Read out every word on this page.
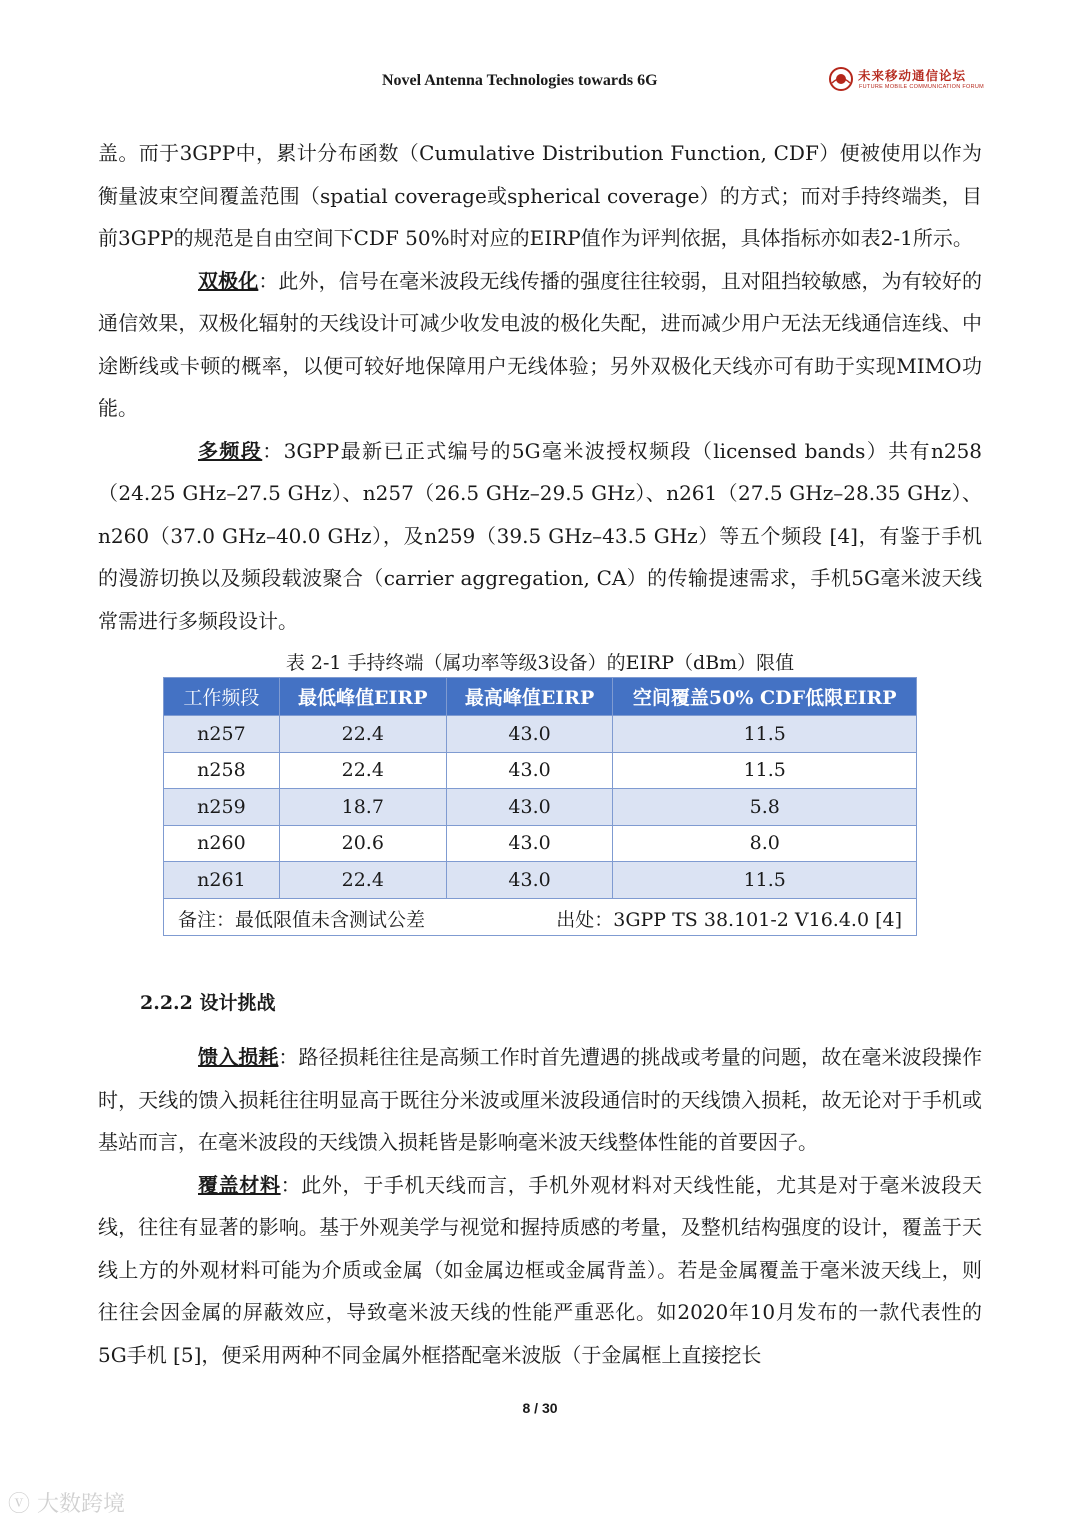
Novel Antenna Technologies towards 6G	未来移动通信论坛
FUTURE MOBILE COMMUNICATION FORUM

盖。而于3GPP中，累计分布函数（Cumulative Distribution Function, CDF）便被使用以作为衡量波束空间覆盖范围（spatial coverage或spherical coverage）的方式；而对手持终端类，目前3GPP的规范是自由空间下CDF 50%时对应的EIRP值作为评判依据，具体指标亦如表2-1所示。

双极化：此外，信号在毫米波段无线传播的强度往往较弱，且对阻挡较敏感，为有较好的通信效果，双极化辐射的天线设计可减少收发电波的极化失配，进而减少用户无法无线通信连线、中途断线或卡顿的概率，以便可较好地保障用户无线体验；另外双极化天线亦可有助于实现MIMO功能。

多频段：3GPP最新已正式编号的5G毫米波授权频段（licensed bands）共有n258（24.25 GHz–27.5 GHz）、n257（26.5 GHz–29.5 GHz）、n261（27.5 GHz–28.35 GHz）、n260（37.0 GHz–40.0 GHz），及n259（39.5 GHz–43.5 GHz）等五个频段 [4]，有鉴于手机的漫游切换以及频段载波聚合（carrier aggregation, CA）的传输提速需求，手机5G毫米波天线常需进行多频段设计。

表 2-1 手持终端（属功率等级3设备）的EIRP（dBm）限值
工作频段	最低峰值EIRP	最高峰值EIRP	空间覆盖50% CDF低限EIRP
n257	22.4	43.0	11.5
n258	22.4	43.0	11.5
n259	18.7	43.0	5.8
n260	20.6	43.0	8.0
n261	22.4	43.0	11.5

备注：最低限值未含测试公差 出处：3GPP TS 38.101-2 V16.4.0 [4]			
2.2.2 设计挑战

馈入损耗：路径损耗往往是高频工作时首先遭遇的挑战或考量的问题，故在毫米波段操作时，天线的馈入损耗往往明显高于既往分米波或厘米波段通信时的天线馈入损耗，故无论对于手机或基站而言，在毫米波段的天线馈入损耗皆是影响毫米波天线整体性能的首要因子。

覆盖材料：此外，于手机天线而言，手机外观材料对天线性能，尤其是对于毫米波段天线，往往有显著的影响。基于外观美学与视觉和握持质感的考量，及整机结构强度的设计，覆盖于天线上方的外观材料可能为介质或金属（如金属边框或金属背盖）。若是金属覆盖于毫米波天线上，则往往会因金属的屏蔽效应，导致毫米波天线的性能严重恶化。如2020年10月发布的一款代表性的5G手机 [5]，便采用两种不同金属外框搭配毫米波版（于金属框上直接挖长

8 / 30
ⓥ 大数跨境
